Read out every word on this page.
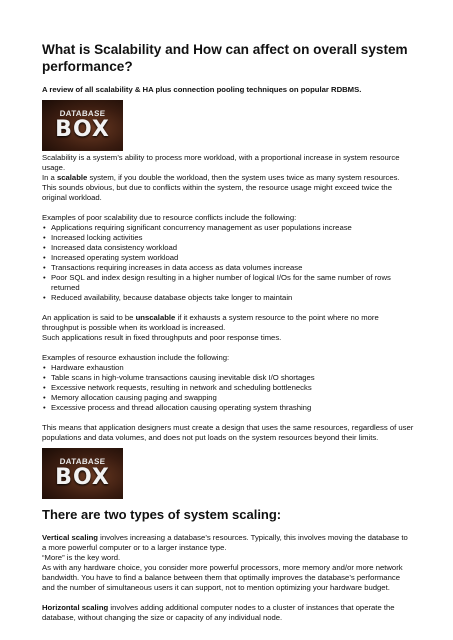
What is Scalability and How can affect on overall system performance?
A review of all scalability & HA plus connection pooling techniques on popular RDBMS.
DATABASE
BOX

Scalability is a system’s ability to process more workload, with a proportional increase in system resource usage.

In a scalable system, if you double the workload, then the system uses twice as many system resources. This sounds obvious, but due to conflicts within the system, the resource usage might exceed twice the original workload.

Examples of poor scalability due to resource conflicts include the following:

• Applications requiring significant concurrency management as user populations increase
• Increased locking activities
• Increased data consistency workload
• Increased operating system workload
• Transactions requiring increases in data access as data volumes increase
• Poor SQL and index design resulting in a higher number of logical I/Os for the same number of rows returned
• Reduced availability, because database objects take longer to maintain

An application is said to be unscalable if it exhausts a system resource to the point where no more throughput is possible when its workload is increased.

Such applications result in fixed throughputs and poor response times.

Examples of resource exhaustion include the following:

• Hardware exhaustion
• Table scans in high-volume transactions causing inevitable disk I/O shortages
• Excessive network requests, resulting in network and scheduling bottlenecks
• Memory allocation causing paging and swapping
• Excessive process and thread allocation causing operating system thrashing

This means that application designers must create a design that uses the same resources, regardless of user populations and data volumes, and does not put loads on the system resources beyond their limits.

DATABASE
BOX
There are two types of system scaling:

Vertical scaling involves increasing a database’s resources. Typically, this involves moving the database to a more powerful computer or to a larger instance type.

“More” is the key word.

As with any hardware choice, you consider more powerful processors, more memory and/or more network bandwidth. You have to find a balance between them that optimally improves the database’s performance and the number of simultaneous users it can support, not to mention optimizing your hardware budget.

Horizontal scaling involves adding additional computer nodes to a cluster of instances that operate the database, without changing the size or capacity of any individual node.
